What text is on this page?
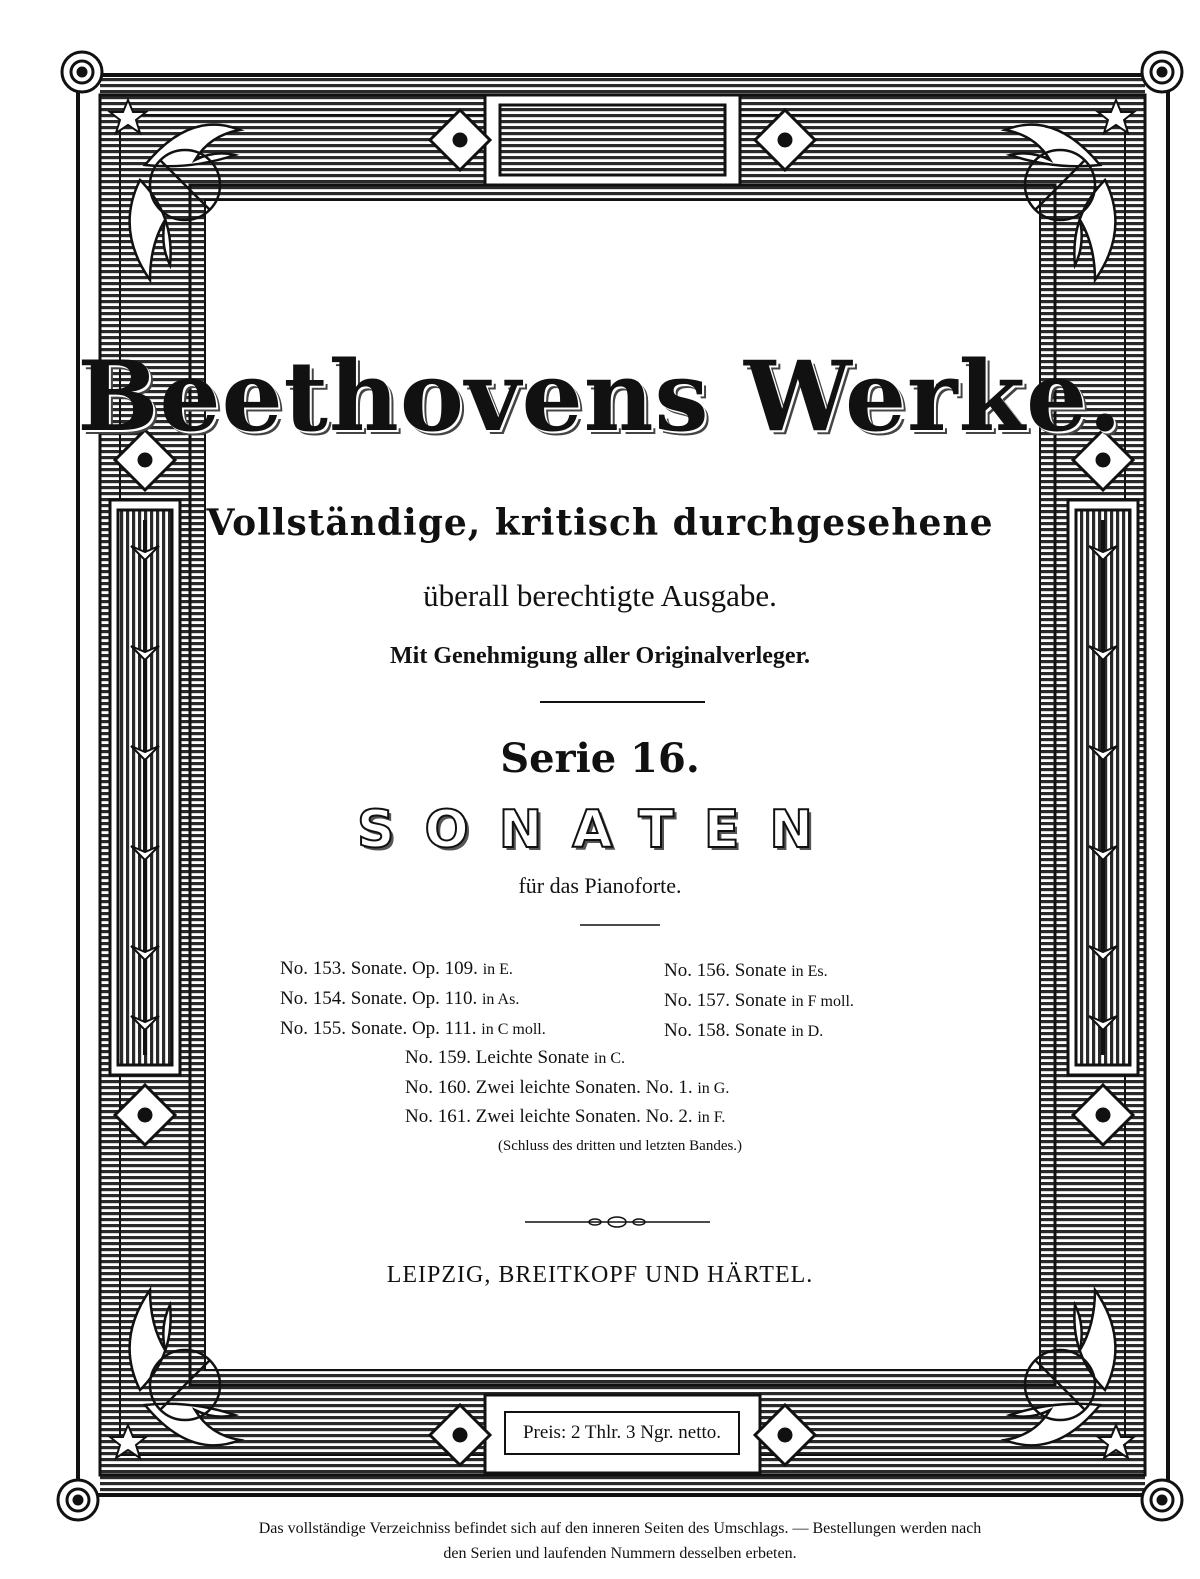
Beethovens Werke.
Vollständige, kritisch durchgesehene
überall berechtigte Ausgabe.
Mit Genehmigung aller Originalverleger.
Serie 16.
SONATEN
für das Pianoforte.
No. 153. Sonate. Op. 109. in E.
No. 154. Sonate. Op. 110. in As.
No. 155. Sonate. Op. 111. in C moll.
No. 156. Sonate in Es.
No. 157. Sonate in F moll.
No. 158. Sonate in D.
No. 159. Leichte Sonate in C.
No. 160. Zwei leichte Sonaten. No. 1. in G.
No. 161. Zwei leichte Sonaten. No. 2. in F.
(Schluss des dritten und letzten Bandes.)
LEIPZIG, BREITKOPF UND HÄRTEL.
Preis: 2 Thlr. 3 Ngr. netto.
Das vollständige Verzeichniss befindet sich auf den inneren Seiten des Umschlags. — Bestellungen werden nach
den Serien und laufenden Nummern desselben erbeten.
